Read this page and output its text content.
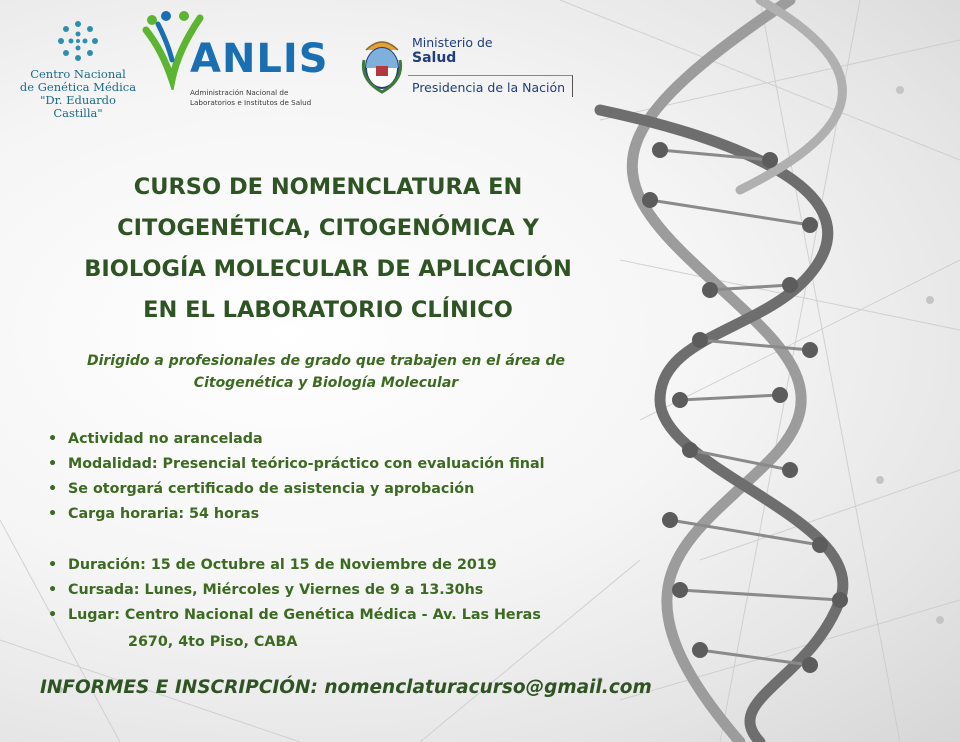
Centro Nacional
de Genética Médica
"Dr. Eduardo Castilla"
ANLIS
Administración Nacional de
Laboratorios e Institutos de Salud
Ministerio de
Salud
Presidencia de la Nación
CURSO DE NOMENCLATURA EN
CITOGENÉTICA, CITOGENÓMICA Y
BIOLOGÍA MOLECULAR DE APLICACIÓN
EN EL LABORATORIO CLÍNICO
Dirigido a profesionales de grado que trabajen en el área de
Citogenética y Biología Molecular
• Actividad no arancelada
• Modalidad: Presencial teórico-práctico con evaluación final
• Se otorgará certificado de asistencia y aprobación
• Carga horaria: 54 horas
• Duración: 15 de Octubre al 15 de Noviembre de 2019
• Cursada: Lunes, Miércoles y Viernes de 9 a 13.30hs
• Lugar: Centro Nacional de Genética Médica - Av. Las Heras
2670, 4to Piso, CABA
INFORMES E INSCRIPCIÓN: nomenclaturacurso@gmail.com
